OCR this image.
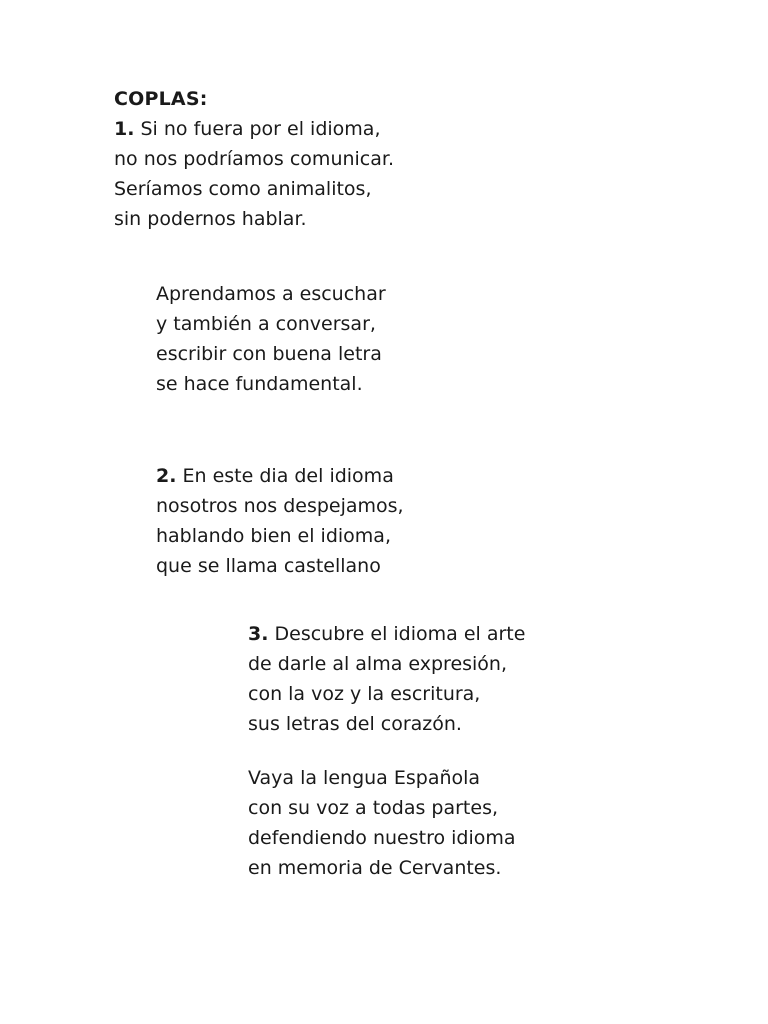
COPLAS:
1. Si no fuera por el idioma,
no nos podríamos comunicar.
Seríamos como animalitos,
sin podernos hablar.
Aprendamos a escuchar
y también a conversar,
escribir con buena letra
se hace fundamental.
2. En este dia del idioma
nosotros nos despejamos,
hablando bien el idioma,
que se llama castellano
3. Descubre el idioma el arte
de darle al alma expresión,
con la voz y la escritura,
sus letras del corazón.
Vaya la lengua Española
con su voz a todas partes,
defendiendo nuestro idioma
en memoria de Cervantes.
